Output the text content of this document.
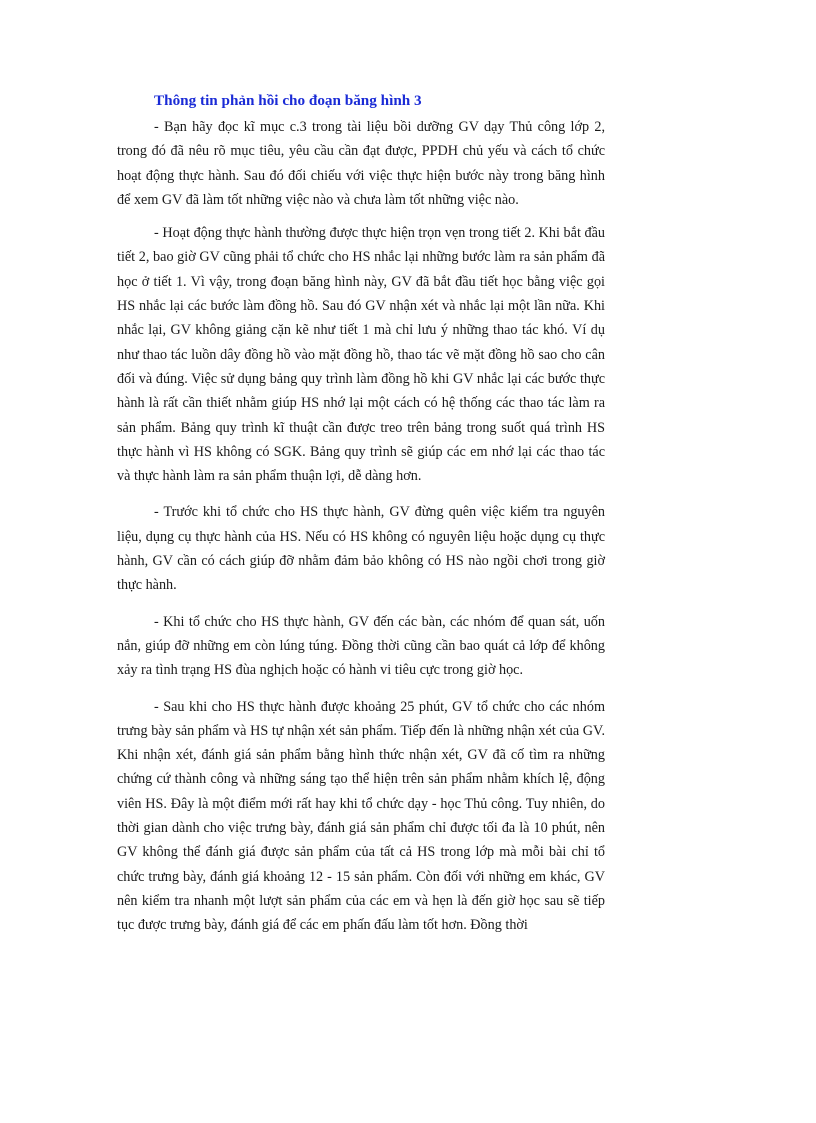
Thông tin phản hồi cho đoạn băng hình 3

- Bạn hãy đọc kĩ mục c.3 trong tài liệu bồi dưỡng GV dạy Thủ công lớp 2, trong đó đã nêu rõ mục tiêu, yêu cầu cần đạt được, PPDH chủ yếu và cách tổ chức hoạt động thực hành. Sau đó đối chiếu với việc thực hiện bước này trong băng hình để xem GV đã làm tốt những việc nào và chưa làm tốt những việc nào.

- Hoạt động thực hành thường được thực hiện trọn vẹn trong tiết 2. Khi bắt đầu tiết 2, bao giờ GV cũng phải tổ chức cho HS nhắc lại những bước làm ra sản phẩm đã học ở tiết 1. Vì vậy, trong đoạn băng hình này, GV đã bắt đầu tiết học bằng việc gọi HS nhắc lại các bước làm đồng hồ. Sau đó GV nhận xét và nhắc lại một lần nữa. Khi nhắc lại, GV không giảng cặn kẽ như tiết 1 mà chỉ lưu ý những thao tác khó. Ví dụ như thao tác luồn dây đồng hồ vào mặt đồng hồ, thao tác vẽ mặt đồng hồ sao cho cân đối và đúng. Việc sử dụng bảng quy trình làm đồng hồ khi GV nhắc lại các bước thực hành là rất cần thiết nhằm giúp HS nhớ lại một cách có hệ thống các thao tác làm ra sản phẩm. Bảng quy trình kĩ thuật cần được treo trên bảng trong suốt quá trình HS thực hành vì HS không có SGK. Bảng quy trình sẽ giúp các em nhớ lại các thao tác và thực hành làm ra sản phẩm thuận lợi, dễ dàng hơn.

- Trước khi tổ chức cho HS thực hành, GV đừng quên việc kiểm tra nguyên liệu, dụng cụ thực hành của HS. Nếu có HS không có nguyên liệu hoặc dụng cụ thực hành, GV cần có cách giúp đỡ nhằm đảm bảo không có HS nào ngồi chơi trong giờ thực hành.

- Khi tổ chức cho HS thực hành, GV đến các bàn, các nhóm để quan sát, uốn nắn, giúp đỡ những em còn lúng túng. Đồng thời cũng cần bao quát cả lớp để không xảy ra tình trạng HS đùa nghịch hoặc có hành vi tiêu cực trong giờ học.

- Sau khi cho HS thực hành được khoảng 25 phút, GV tổ chức cho các nhóm trưng bày sản phẩm và HS tự nhận xét sản phẩm. Tiếp đến là những nhận xét của GV. Khi nhận xét, đánh giá sản phẩm bằng hình thức nhận xét, GV đã cố tìm ra những chứng cứ thành công và những sáng tạo thể hiện trên sản phẩm nhằm khích lệ, động viên HS. Đây là một điểm mới rất hay khi tổ chức dạy - học Thủ công. Tuy nhiên, do thời gian dành cho việc trưng bày, đánh giá sản phẩm chỉ được tối đa là 10 phút, nên GV không thể đánh giá được sản phẩm của tất cả HS trong lớp mà mỗi bài chỉ tổ chức trưng bày, đánh giá khoảng 12 - 15 sản phẩm. Còn đối với những em khác, GV nên kiểm tra nhanh một lượt sản phẩm của các em và hẹn là đến giờ học sau sẽ tiếp tục được trưng bày, đánh giá để các em phấn đấu làm tốt hơn. Đồng thời
